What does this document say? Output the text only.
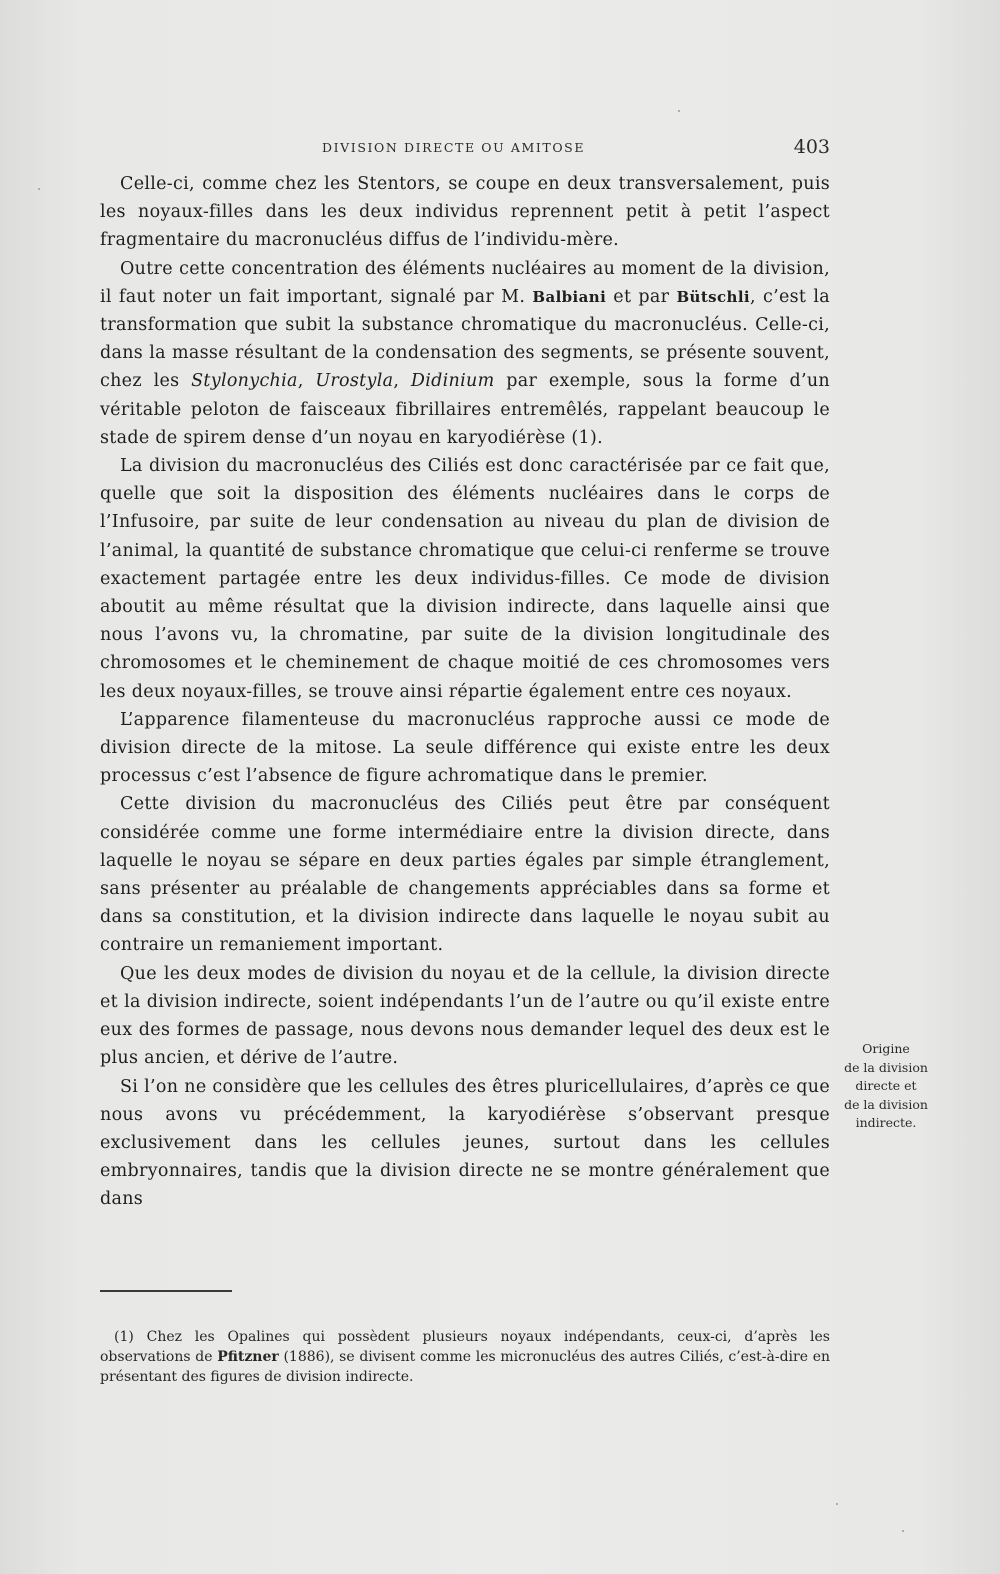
DIVISION DIRECTE OU AMITOSE	403

Celle-ci, comme chez les Stentors, se coupe en deux transversalement, puis les noyaux-filles dans les deux individus reprennent petit à petit l’aspect fragmentaire du macronucléus diffus de l’individu-mère.

Outre cette concentration des éléments nucléaires au moment de la division, il faut noter un fait important, signalé par M. Balbiani et par Bütschli, c’est la transformation que subit la substance chromatique du macronucléus. Celle-ci, dans la masse résultant de la condensation des segments, se présente souvent, chez les Stylonychia, Urostyla, Didinium par exemple, sous la forme d’un véritable peloton de faisceaux fibrillaires entremêlés, rappelant beaucoup le stade de spirem dense d’un noyau en karyodiérèse (1).

La division du macronucléus des Ciliés est donc caractérisée par ce fait que, quelle que soit la disposition des éléments nucléaires dans le corps de l’Infusoire, par suite de leur condensation au niveau du plan de division de l’animal, la quantité de substance chromatique que celui-ci renferme se trouve exactement partagée entre les deux individus-filles. Ce mode de division aboutit au même résultat que la division indirecte, dans laquelle ainsi que nous l’avons vu, la chromatine, par suite de la division longitudinale des chromosomes et le cheminement de chaque moitié de ces chromosomes vers les deux noyaux-filles, se trouve ainsi répartie également entre ces noyaux.

L’apparence filamenteuse du macronucléus rapproche aussi ce mode de division directe de la mitose. La seule différence qui existe entre les deux processus c’est l’absence de figure achromatique dans le premier.

Cette division du macronucléus des Ciliés peut être par conséquent considérée comme une forme intermédiaire entre la division directe, dans laquelle le noyau se sépare en deux parties égales par simple étranglement, sans présenter au préalable de changements appréciables dans sa forme et dans sa constitution, et la division indirecte dans laquelle le noyau subit au contraire un remaniement important.

Que les deux modes de division du noyau et de la cellule, la division directe et la division indirecte, soient indépendants l’un de l’autre ou qu’il existe entre eux des formes de passage, nous devons nous demander lequel des deux est le plus ancien, et dérive de l’autre.

Si l’on ne considère que les cellules des êtres pluricellulaires, d’après ce que nous avons vu précédemment, la karyodiérèse s’observant presque exclusivement dans les cellules jeunes, surtout dans les cellules embryonnaires, tandis que la division directe ne se montre généralement que dans

Origine
de la division
directe et
de la division
indirecte.

(1) Chez les Opalines qui possèdent plusieurs noyaux indépendants, ceux-ci, d’après les observations de Pfitzner (1886), se divisent comme les micronucléus des autres Ciliés, c’est-à-dire en présentant des figures de division indirecte.
